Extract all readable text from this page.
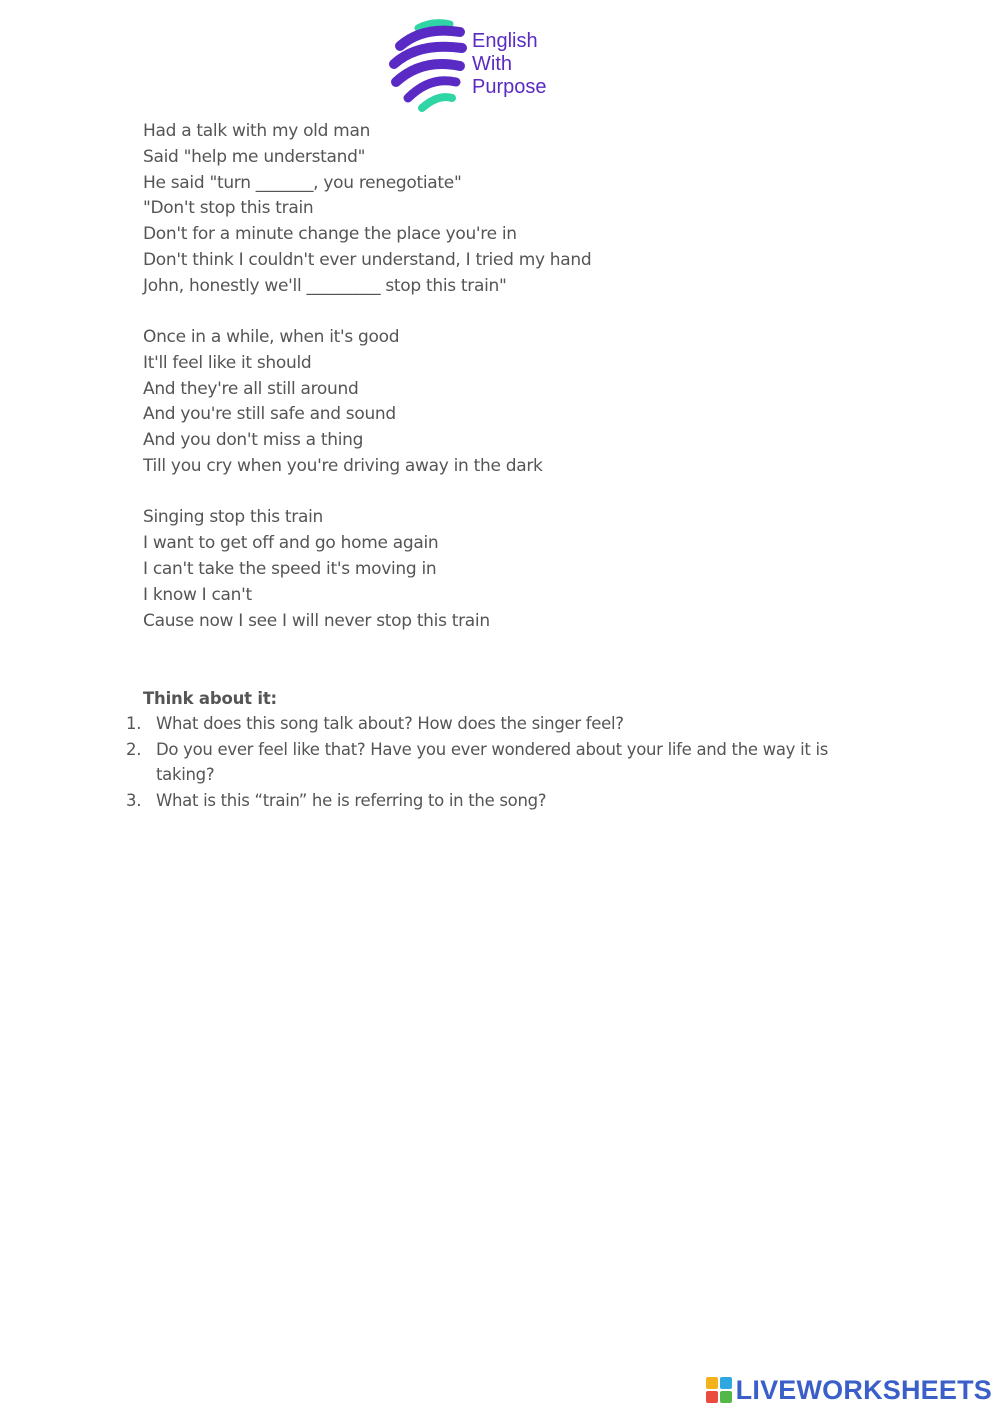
English
With
Purpose
Had a talk with my old man
Said "help me understand"
He said "turn _______, you renegotiate"
"Don't stop this train
Don't for a minute change the place you're in
Don't think I couldn't ever understand, I tried my hand
John, honestly we'll _________ stop this train"
Once in a while, when it's good
It'll feel like it should
And they're all still around
And you're still safe and sound
And you don't miss a thing
Till you cry when you're driving away in the dark
Singing stop this train
I want to get off and go home again
I can't take the speed it's moving in
I know I can't
Cause now I see I will never stop this train
Think about it:
1. What does this song talk about? How does the singer feel?
2. Do you ever feel like that? Have you ever wondered about your life and the way it is taking?
3. What is this “train” he is referring to in the song?
LIVEWORKSHEETS
